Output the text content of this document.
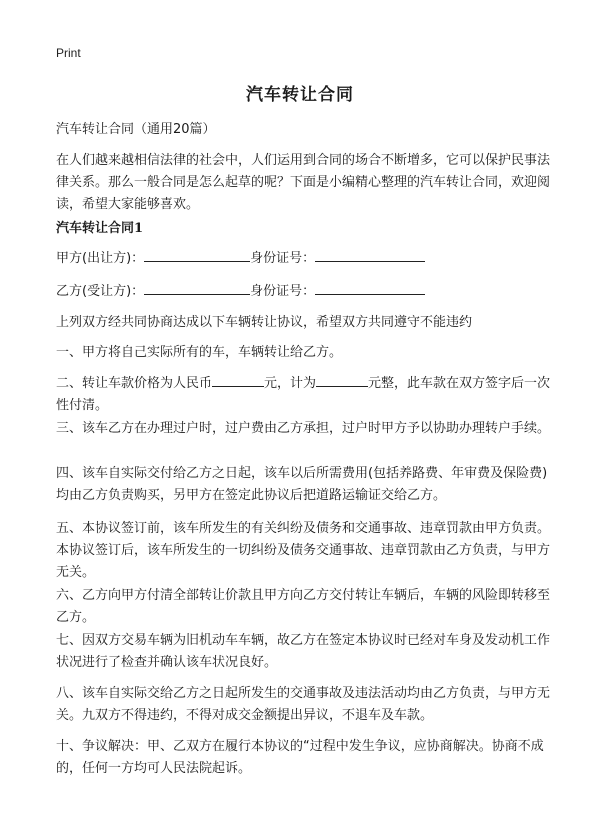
Print
汽车转让合同

汽车转让合同（通用20篇）

在人们越来越相信法律的社会中，人们运用到合同的场合不断增多，它可以保护民事法律关系。那么一般合同是怎么起草的呢？下面是小编精心整理的汽车转让合同，欢迎阅读，希望大家能够喜欢。

汽车转让合同1
甲方(出让方)：	身份证号：
乙方(受让方)：	身份证号：

上列双方经共同协商达成以下车辆转让协议，希望双方共同遵守不能违约

一、甲方将自己实际所有的车，车辆转让给乙方。

二、转让车款价格为人民币	元，计为	元整，此车款在双方签字后一次性付清。

三、该车乙方在办理过户时，过户费由乙方承担，过户时甲方予以协助办理转户手续。

四、该车自实际交付给乙方之日起，该车以后所需费用(包括养路费、年审费及保险费)均由乙方负责购买，另甲方在签定此协议后把道路运输证交给乙方。

五、本协议签订前，该车所发生的有关纠纷及债务和交通事故、违章罚款由甲方负责。本协议签订后，该车所发生的一切纠纷及债务交通事故、违章罚款由乙方负责，与甲方无关。

六、乙方向甲方付清全部转让价款且甲方向乙方交付转让车辆后，车辆的风险即转移至乙方。

七、因双方交易车辆为旧机动车车辆，故乙方在签定本协议时已经对车身及发动机工作状况进行了检查并确认该车状况良好。

八、该车自实际交给乙方之日起所发生的交通事故及违法活动均由乙方负责，与甲方无关。九双方不得违约，不得对成交金额提出异议，不退车及车款。

十、争议解决：甲、乙双方在履行本协议的“过程中发生争议，应协商解决。协商不成的，任何一方均可人民法院起诉。
